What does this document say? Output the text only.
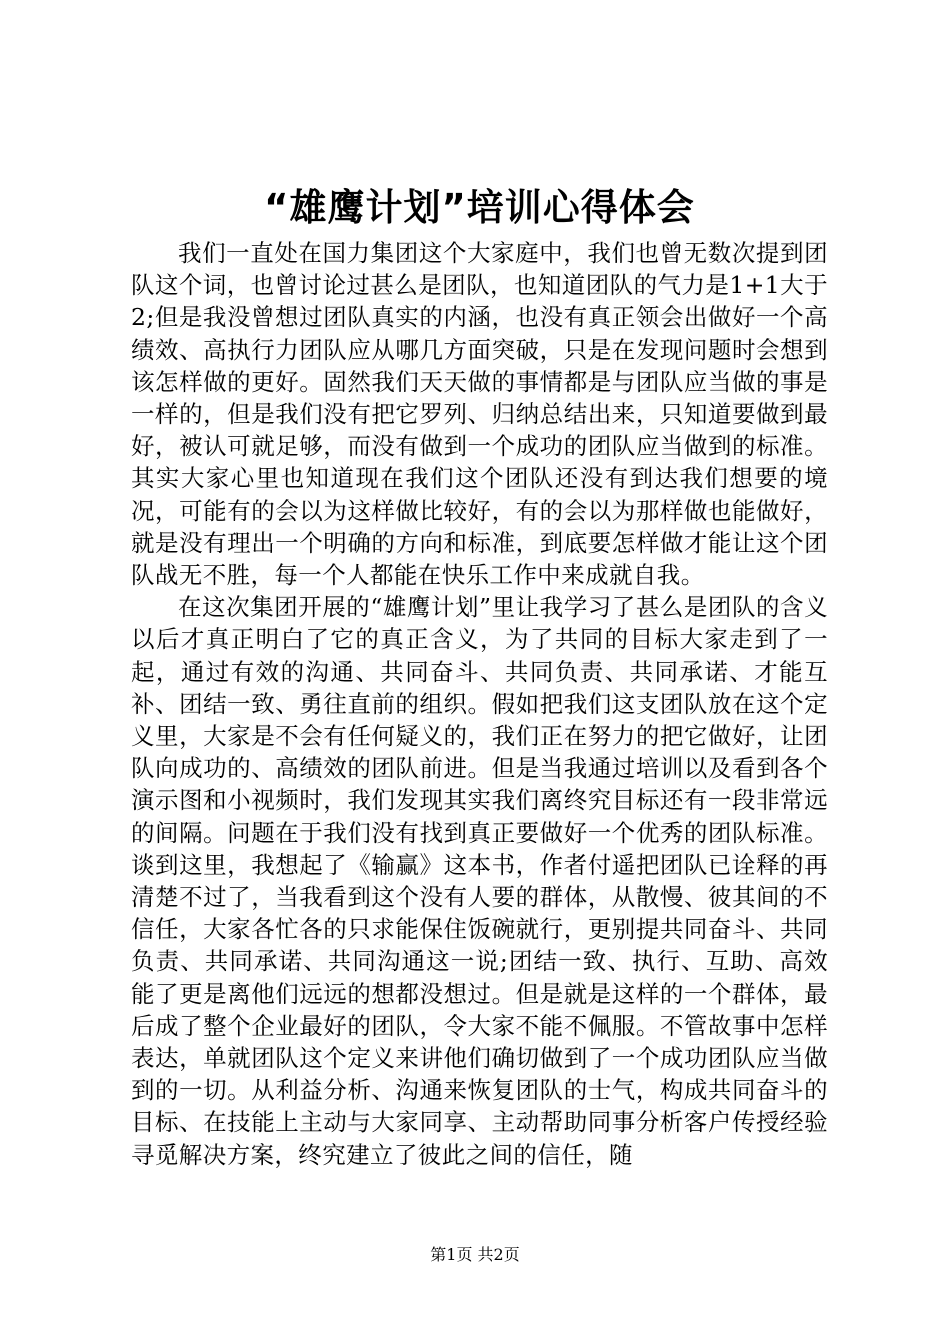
“雄鹰计划”培训心得体会

我们一直处在国力集团这个大家庭中，我们也曾无数次提到团队这个词，也曾讨论过甚么是团队，也知道团队的气力是1+1大于2;但是我没曾想过团队真实的内涵，也没有真正领会出做好一个高绩效、高执行力团队应从哪几方面突破，只是在发现问题时会想到该怎样做的更好。固然我们天天做的事情都是与团队应当做的事是一样的，但是我们没有把它罗列、归纳总结出来，只知道要做到最好，被认可就足够，而没有做到一个成功的团队应当做到的标准。其实大家心里也知道现在我们这个团队还没有到达我们想要的境况，可能有的会以为这样做比较好，有的会以为那样做也能做好，就是没有理出一个明确的方向和标准，到底要怎样做才能让这个团队战无不胜，每一个人都能在快乐工作中来成就自我。

在这次集团开展的“雄鹰计划”里让我学习了甚么是团队的含义以后才真正明白了它的真正含义，为了共同的目标大家走到了一起，通过有效的沟通、共同奋斗、共同负责、共同承诺、才能互补、团结一致、勇往直前的组织。假如把我们这支团队放在这个定义里，大家是不会有任何疑义的，我们正在努力的把它做好，让团队向成功的、高绩效的团队前进。但是当我通过培训以及看到各个演示图和小视频时，我们发现其实我们离终究目标还有一段非常远的间隔。问题在于我们没有找到真正要做好一个优秀的团队标准。谈到这里，我想起了《输赢》这本书，作者付遥把团队已诠释的再清楚不过了，当我看到这个没有人要的群体，从散慢、彼其间的不信任，大家各忙各的只求能保住饭碗就行，更别提共同奋斗、共同负责、共同承诺、共同沟通这一说;团结一致、执行、互助、高效能了更是离他们远远的想都没想过。但是就是这样的一个群体，最后成了整个企业最好的团队，令大家不能不佩服。不管故事中怎样表达，单就团队这个定义来讲他们确切做到了一个成功团队应当做到的一切。从利益分析、沟通来恢复团队的士气，构成共同奋斗的目标、在技能上主动与大家同享、主动帮助同事分析客户传授经验寻觅解决方案，终究建立了彼此之间的信任，随

第1页 共2页
